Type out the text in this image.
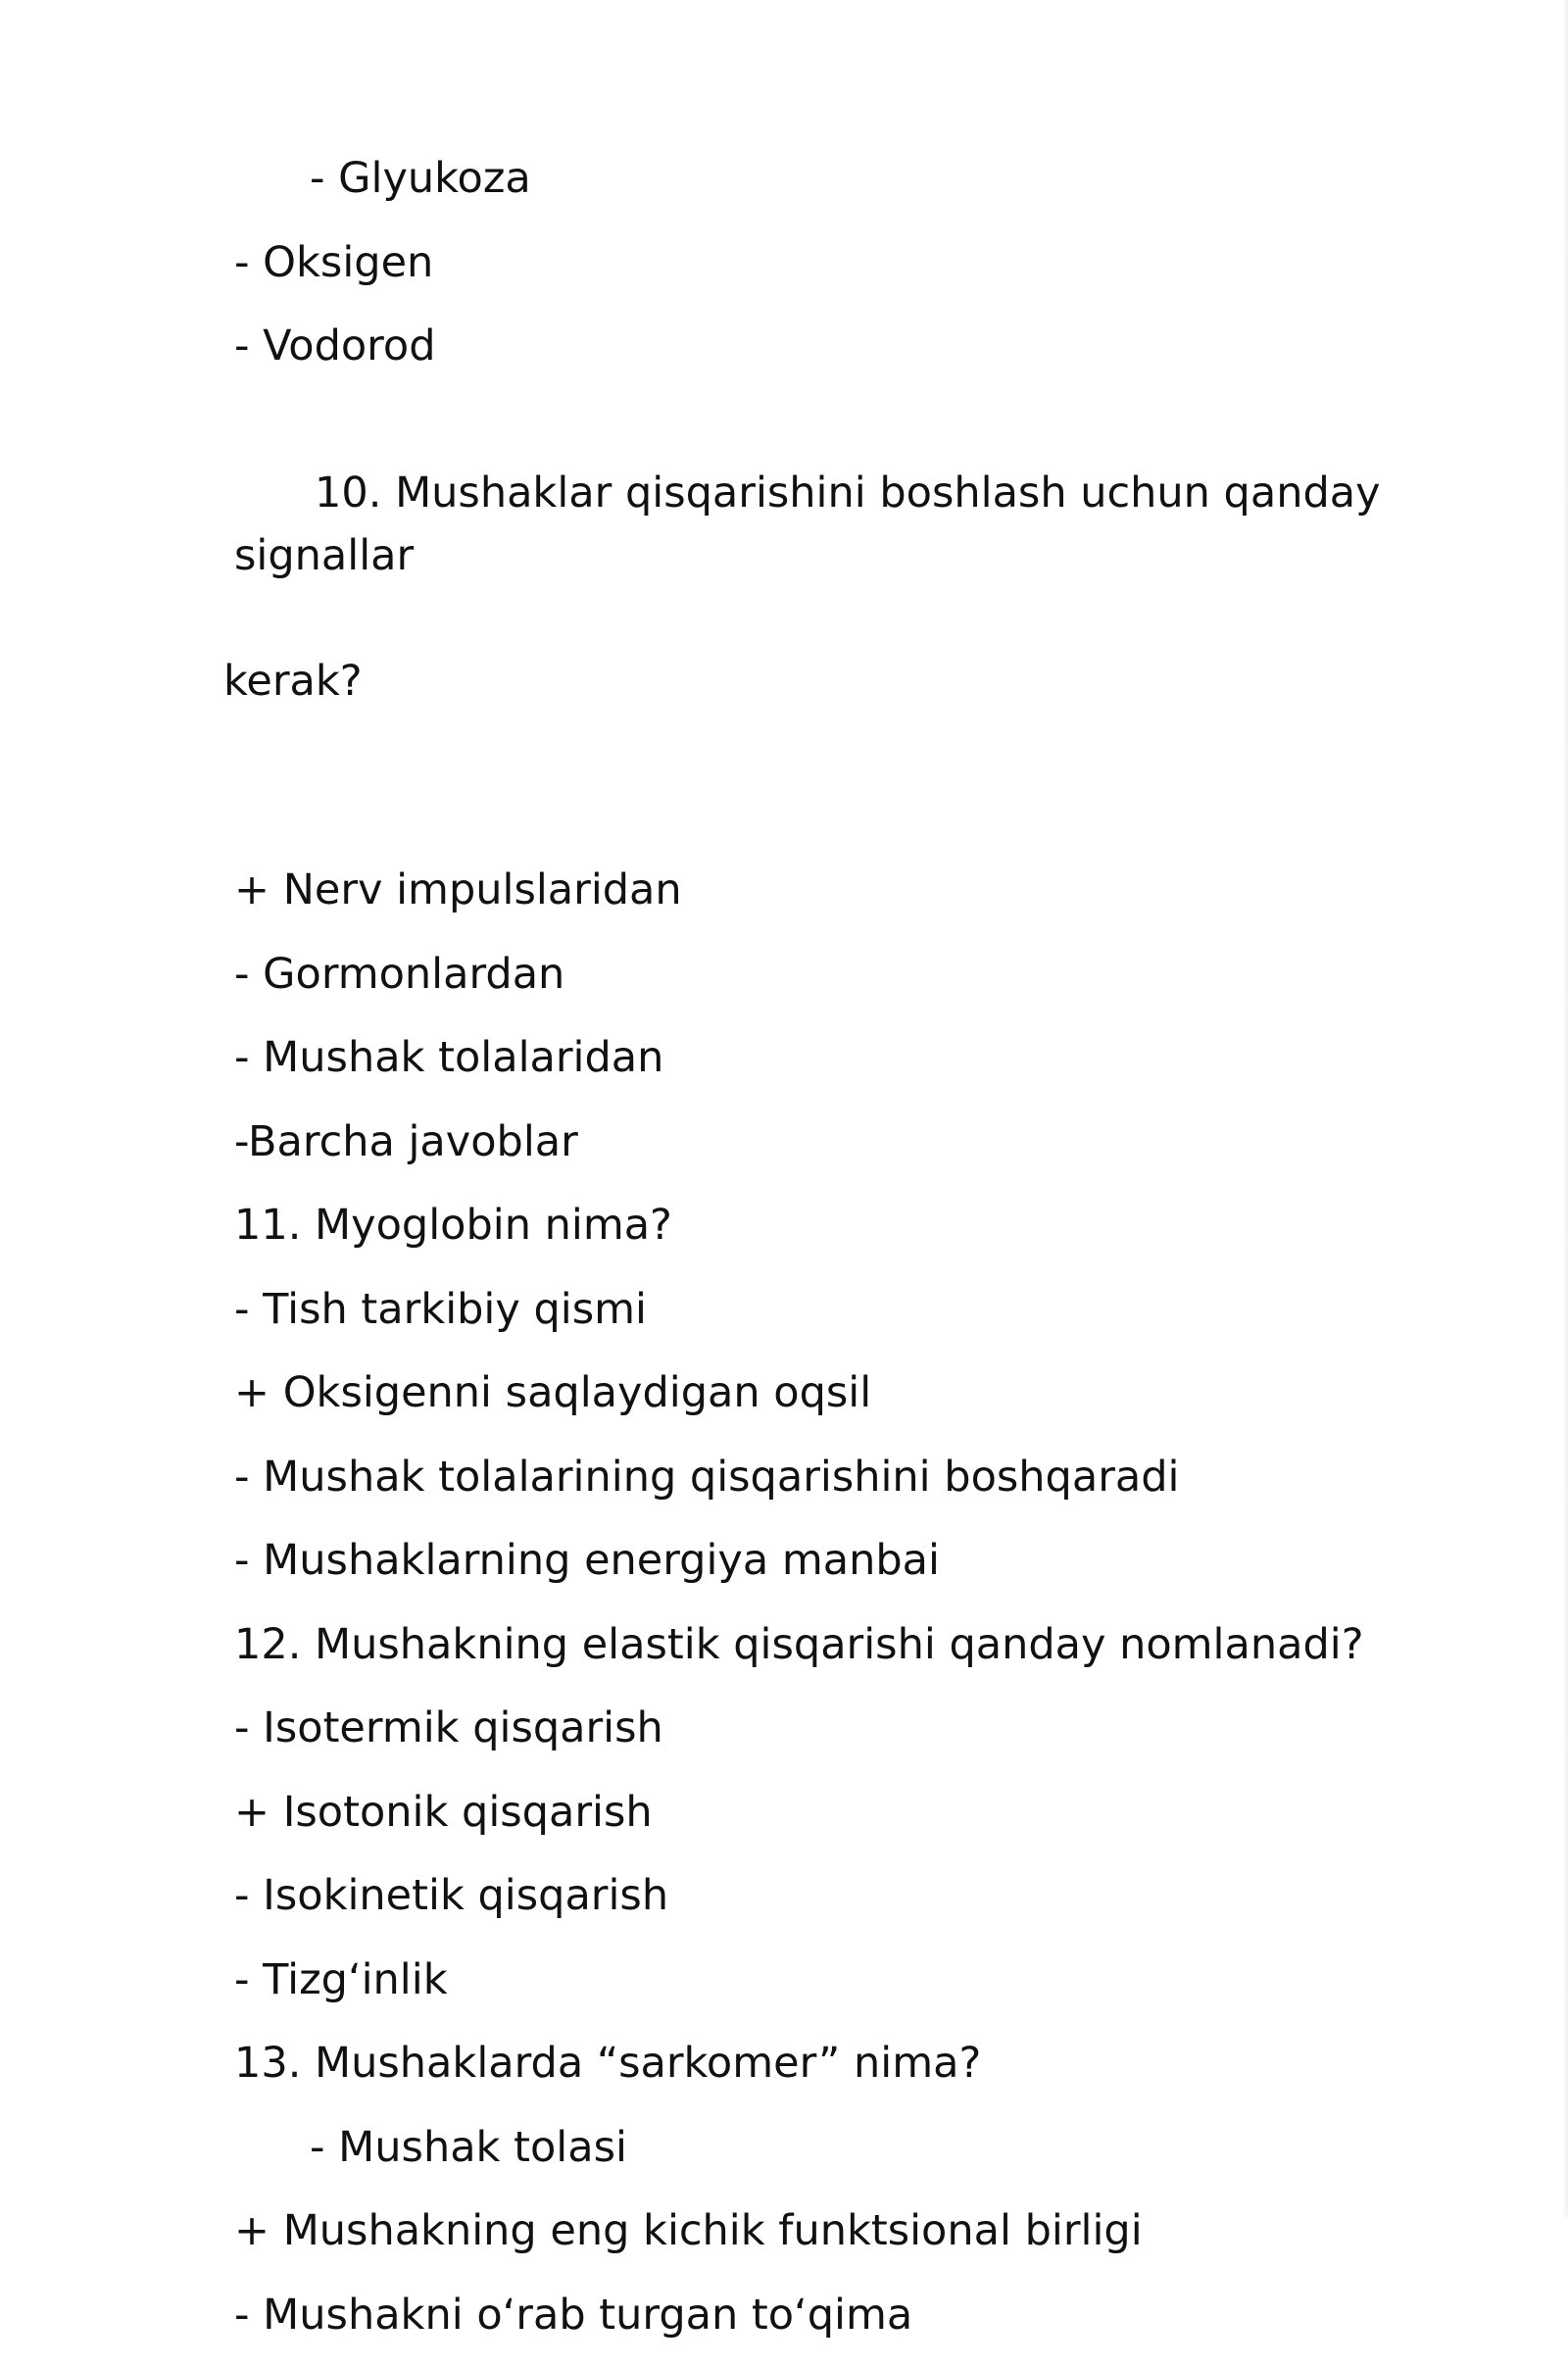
- Glyukoza
- Oksigen
- Vodorod

10. Mushaklar qisqarishini boshlash uchun qanday signallar

kerak?

+ Nerv impulslaridan
- Gormonlardan
- Mushak tolalaridan
-Barcha javoblar
11. Myoglobin nima?
- Tish tarkibiy qismi
+ Oksigenni saqlaydigan oqsil
- Mushak tolalarining qisqarishini boshqaradi
- Mushaklarning energiya manbai
12. Mushakning elastik qisqarishi qanday nomlanadi?
- Isotermik qisqarish
+ Isotonik qisqarish
- Isokinetik qisqarish
- Tizg‘inlik
13. Mushaklarda “sarkomer” nima?
- Mushak tolasi
+ Mushakning eng kichik funktsional birligi
- Mushakni o‘rab turgan to‘qima
